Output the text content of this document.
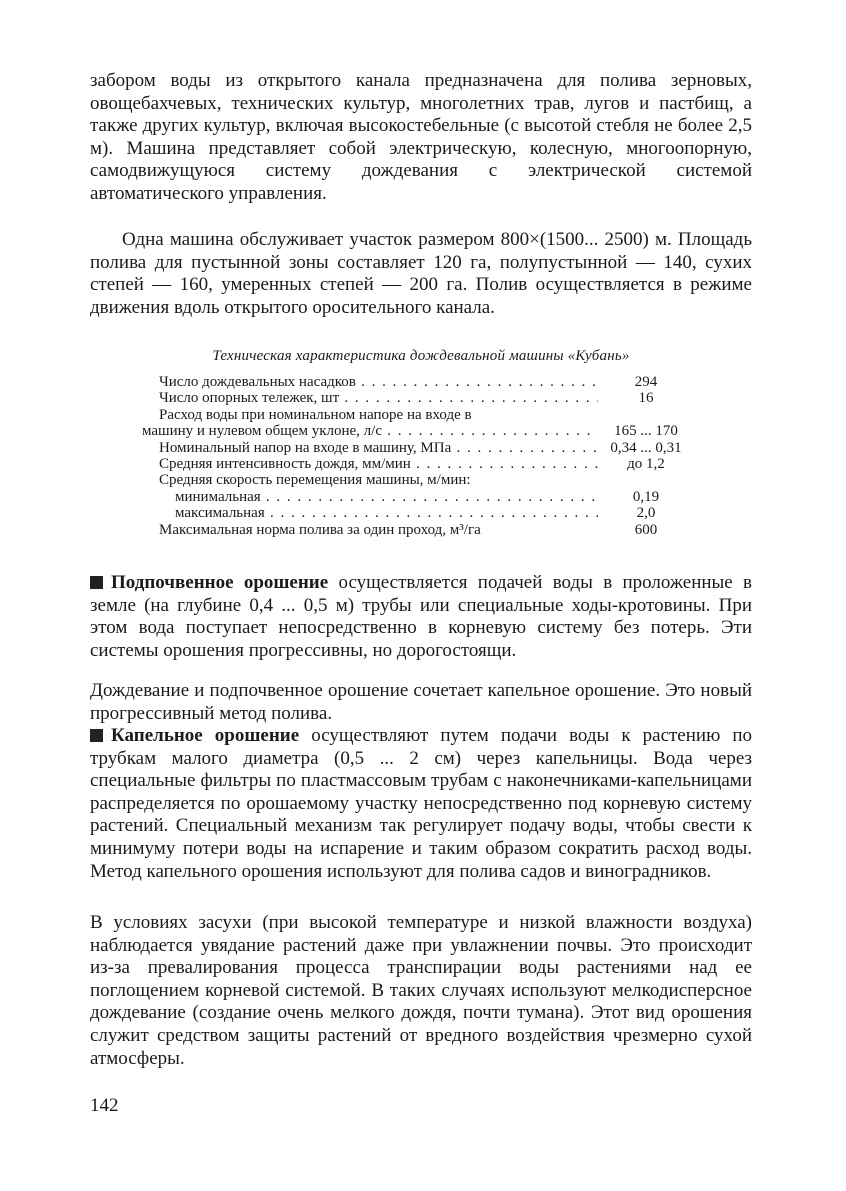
забором воды из открытого канала предназначена для полива зерновых, овощебахчевых, технических культур, многолетних трав, лугов и пастбищ, а также других культур, включая высокостебельные (с высотой стебля не более 2,5 м). Машина представляет собой электрическую, колесную, многоопорную, самодвижущуюся систему дождевания с электрической системой автоматического управления.

Одна машина обслуживает участок размером 800×(1500... 2500) м. Площадь полива для пустынной зоны составляет 120 га, полупустынной — 140, сухих степей — 160, умеренных степей — 200 га. Полив осуществляется в режиме движения вдоль открытого оросительного канала.

Техническая характеристика дождевальной машины «Кубань»
Число дождевальных насадков . . .	294
Число опорных тележек, шт . . .	16
Расход воды при номинальном напоре на входе в
машину и нулевом общем уклоне, л/с . . .	165 ... 170
Номинальный напор на входе в машину, МПа . . .	0,34 ... 0,31
Средняя интенсивность дождя, мм/мин . . .	до 1,2
Средняя скорость перемещения машины, м/мин:
минимальная . . .	0,19
максимальная . . .	2,0
Максимальная норма полива за один проход, м³/га	600
Подпочвенное орошение осуществляется подачей воды в проложенные в земле (на глубине 0,4 ... 0,5 м) трубы или специальные ходы-кротовины. При этом вода поступает непосредственно в корневую систему без потерь. Эти системы орошения прогрессивны, но дорогостоящи.

Дождевание и подпочвенное орошение сочетает капельное орошение. Это новый прогрессивный метод полива.

Капельное орошение осуществляют путем подачи воды к растению по трубкам малого диаметра (0,5 ... 2 см) через капельницы. Вода через специальные фильтры по пластмассовым трубам с наконечниками-капельницами распределяется по орошаемому участку непосредственно под корневую систему растений. Специальный механизм так регулирует подачу воды, чтобы свести к минимуму потери воды на испарение и таким образом сократить расход воды. Метод капельного орошения используют для полива садов и виноградников.

В условиях засухи (при высокой температуре и низкой влажности воздуха) наблюдается увядание растений даже при увлажнении почвы. Это происходит из-за превалирования процесса транспирации воды растениями над ее поглощением корневой системой. В таких случаях используют мелкодисперсное дождевание (создание очень мелкого дождя, почти тумана). Этот вид орошения служит средством защиты растений от вредного воздействия чрезмерно сухой атмосферы.

142
